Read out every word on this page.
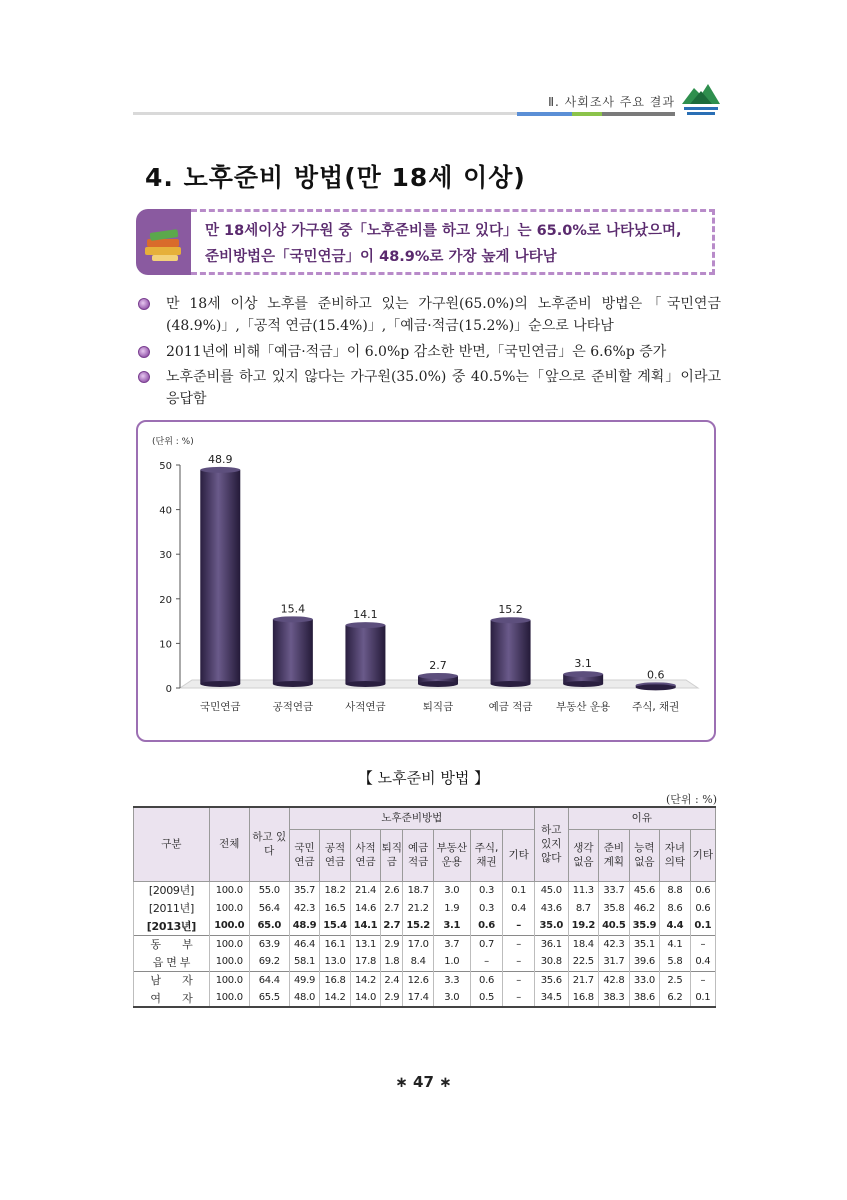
Ⅱ. 사회조사 주요 결과
4. 노후준비 방법(만 18세 이상)
만 18세이상 가구원 중「노후준비를 하고 있다」는 65.0%로 나타났으며,
준비방법은「국민연금」이 48.9%로 가장 높게 나타남
만 18세 이상 노후를 준비하고 있는 가구원(65.0%)의 노후준비 방법은「국민연금(48.9%)」,「공적 연금(15.4%)」,「예금·적금(15.2%)」순으로 나타남
2011년에 비해「예금·적금」이 6.0%p 감소한 반면,「국민연금」은 6.6%p 증가
노후준비를 하고 있지 않다는 가구원(35.0%) 중 40.5%는「앞으로 준비할 계획」이라고 응답함
(단위 : %)
0
10
20
30
40
50
48.9
국민연금
15.4
공적연금
14.1
사적연금
2.7
퇴직금
15.2
예금 적금
3.1
부동산 운용
0.6
주식, 채권
【 노후준비 방법 】
(단위 : %)
구분	전체	하고 있다	노후준비방법								하고 있지 않다	이유				
			국민 연금	공적 연금	사적 연금	퇴직금	예금 적금	부동산 운용	주식, 채권	기타		생각 없음	준비 계획	능력 없음	자녀 의탁	기타
[2009년]	100.0	55.0	35.7	18.2	21.4	2.6	18.7	3.0	0.3	0.1	45.0	11.3	33.7	45.6	8.8	0.6
[2011년]	100.0	56.4	42.3	16.5	14.6	2.7	21.2	1.9	0.3	0.4	43.6	8.7	35.8	46.2	8.6	0.6
[2013년]	100.0	65.0	48.9	15.4	14.1	2.7	15.2	3.1	0.6	–	35.0	19.2	40.5	35.9	4.4	0.1
동　　부	100.0	63.9	46.4	16.1	13.1	2.9	17.0	3.7	0.7	–	36.1	18.4	42.3	35.1	4.1	–
읍 면 부	100.0	69.2	58.1	13.0	17.8	1.8	8.4	1.0	–	–	30.8	22.5	31.7	39.6	5.8	0.4
남　　자	100.0	64.4	49.9	16.8	14.2	2.4	12.6	3.3	0.6	–	35.6	21.7	42.8	33.0	2.5	–
여　　자	100.0	65.5	48.0	14.2	14.0	2.9	17.4	3.0	0.5	–	34.5	16.8	38.3	38.6	6.2	0.1
∗ 47 ∗
